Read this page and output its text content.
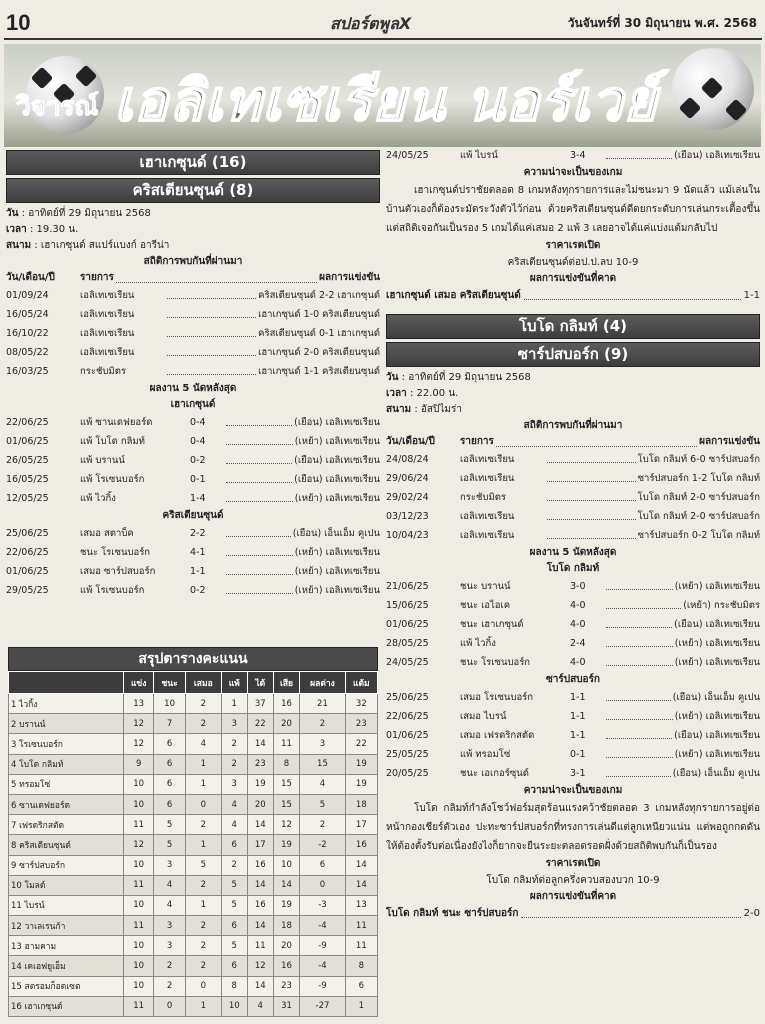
10	สปอร์ตพูลX	วันจันทร์ที่ 30 มิถุนายน พ.ศ. 2568
วิจารณ์ เอลิเทเซเรียน นอร์เวย์
เฮาเกซุนด์ (16)
คริสเตียนซุนด์ (8)
วัน : อาทิตย์ที่ 29 มิถุนายน 2568
เวลา : 19.30 น.
สนาม : เฮาเกซุนด์ สแปร์แบงก์ อารีน่า
สถิติการพบกันที่ผ่านมา
วัน/เดือน/ปี	รายการ	ผลการแข่งขัน
01/09/24	เอลิเทเซเรียน	คริสเตียนซุนด์ 2-2 เฮาเกซุนด์
16/05/24	เอลิเทเซเรียน	เฮาเกซุนด์ 1-0 คริสเตียนซุนด์
16/10/22	เอลิเทเซเรียน	คริสเตียนซุนด์ 0-1 เฮาเกซุนด์
08/05/22	เอลิเทเซเรียน	เฮาเกซุนด์ 2-0 คริสเตียนซุนด์
16/03/25	กระชับมิตร	เฮาเกซุนด์ 1-1 คริสเตียนซุนด์
ผลงาน 5 นัดหลังสุด
เฮาเกซุนด์
22/06/25	แพ้ ซานเดฟยอร์ด	0-4	(เยือน) เอลิเทเซเรียน
01/06/25	แพ้ โบโด กลิมท์	0-4	(เหย้า) เอลิเทเซเรียน
26/05/25	แพ้ บรานน์	0-2	(เยือน) เอลิเทเซเรียน
16/05/25	แพ้ โรเซนบอร์ก	0-1	(เยือน) เอลิเทเซเรียน
12/05/25	แพ้ ไวกิ้ง	1-4	(เหย้า) เอลิเทเซเรียน
คริสเตียนซุนด์
25/06/25	เสมอ สตาบ็ค	2-2	(เยือน) เอ็นเอ็ม คูเปน
22/06/25	ชนะ โรเซนบอร์ก	4-1	(เหย้า) เอลิเทเซเรียน
01/06/25	เสมอ ซาร์ปสบอร์ก	1-1	(เหย้า) เอลิเทเซเรียน
29/05/25	แพ้ โรเซนบอร์ก	0-2	(เหย้า) เอลิเทเซเรียน
สรุปตารางคะแนน
	แข่ง	ชนะ	เสมอ	แพ้	ได้	เสีย	ผลต่าง	แต้ม
1 ไวกิ้ง	13	10	2	1	37	16	21	32
2 บรานน์	12	7	2	3	22	20	2	23
3 โรเซนบอร์ก	12	6	4	2	14	11	3	22
4 โบโด กลิมท์	9	6	1	2	23	8	15	19
5 ทรอมโซ่	10	6	1	3	19	15	4	19
6 ซานเดฟยอร์ด	10	6	0	4	20	15	5	18
7 เฟรดริกสตัด	11	5	2	4	14	12	2	17
8 คริสเตียนซุนด์	12	5	1	6	17	19	-2	16
9 ซาร์ปสบอร์ก	10	3	5	2	16	10	6	14
10 โมลด์	11	4	2	5	14	14	0	14
11 ไบรน์	10	4	1	5	16	19	-3	13
12 วาเลเรนก้า	11	3	2	6	14	18	-4	11
13 ฮามคาม	10	3	2	5	11	20	-9	11
14 เคเอฟยูเอ็ม	10	2	2	6	12	16	-4	8
15 สตรอมก็อดเซต	10	2	0	8	14	23	-9	6
16 เฮาเกซุนด์	11	0	1	10	4	31	-27	1
24/05/25	แพ้ ไบรน์	3-4	(เยือน) เอลิเทเซเรียน
ความน่าจะเป็นของเกม
เฮาเกซุนด์ปราชัยตลอด 8 เกมหลังทุกรายการและไม่ชนะมา 9 นัดแล้ว แม้เล่นในบ้านตัวเองก็ต้องระมัดระวังตัวไว้ก่อน ด้วยคริสเตียนซุนด์ดีดยกระดับการเล่นกระเตื้องขึ้นแต่สถิติเจอกันเป็นรอง 5 เกมได้แค่เสมอ 2 แพ้ 3 เลยอาจได้แค่แบ่งแต้มกลับไป
ราคาเรตเปิด
คริสเตียนซุนด์ต่อป.ป.ลบ 10-9
ผลการแข่งขันที่คาด
เฮาเกซุนด์ เสมอ คริสเตียนซุนด์	1-1
โบโด กลิมท์ (4)
ซาร์ปสบอร์ก (9)
วัน : อาทิตย์ที่ 29 มิถุนายน 2568
เวลา : 22.00 น.
สนาม : อัสปิไมร่า
สถิติการพบกันที่ผ่านมา
วัน/เดือน/ปี	รายการ	ผลการแข่งขัน
24/08/24	เอลิเทเซเรียน	โบโด กลิมท์ 6-0 ซาร์ปสบอร์ก
29/06/24	เอลิเทเซเรียน	ซาร์ปสบอร์ก 1-2 โบโด กลิมท์
29/02/24	กระชับมิตร	โบโด กลิมท์ 2-0 ซาร์ปสบอร์ก
03/12/23	เอลิเทเซเรียน	โบโด กลิมท์ 2-0 ซาร์ปสบอร์ก
10/04/23	เอลิเทเซเรียน	ซาร์ปสบอร์ก 0-2 โบโด กลิมท์
ผลงาน 5 นัดหลังสุด
โบโด กลิมท์
21/06/25	ชนะ บรานน์	3-0	(เหย้า) เอลิเทเซเรียน
15/06/25	ชนะ เอไอเค	4-0	(เหย้า) กระชับมิตร
01/06/25	ชนะ เฮาเกซุนด์	4-0	(เยือน) เอลิเทเซเรียน
28/05/25	แพ้ ไวกิ้ง	2-4	(เหย้า) เอลิเทเซเรียน
24/05/25	ชนะ โรเซนบอร์ก	4-0	(เหย้า) เอลิเทเซเรียน
ซาร์ปสบอร์ก
25/06/25	เสมอ โรเซนบอร์ก	1-1	(เยือน) เอ็นเอ็ม คูเปน
22/06/25	เสมอ ไบรน์	1-1	(เหย้า) เอลิเทเซเรียน
01/06/25	เสมอ เฟรดริกสตัด	1-1	(เยือน) เอลิเทเซเรียน
25/05/25	แพ้ ทรอมโซ่	0-1	(เหย้า) เอลิเทเซเรียน
20/05/25	ชนะ เอเกอร์ซุนด์	3-1	(เยือน) เอ็นเอ็ม คูเปน
ความน่าจะเป็นของเกม
โบโด กลิมท์กำลังโชว์ฟอร์มสุดร้อนแรงคว้าชัยตลอด 3 เกมหลังทุกรายการอยู่ต่อหน้ากองเชียร์ตัวเอง ปะทะซาร์ปสบอร์กที่ทรงการเล่นดีแต่ลูกเหนียวแน่น แต่พอถูกกดดันให้ต้องตั้งรับต่อเนื่องยังไงก็ยากจะยืนระยะตลอดรอดฝั่งด้วยสถิติพบกันก็เป็นรอง
ราคาเรตเปิด
โบโด กลิมท์ต่อลูกครึ่งควบสองบวก 10-9
ผลการแข่งขันที่คาด
โบโด กลิมท์ ชนะ ซาร์ปสบอร์ก	2-0
